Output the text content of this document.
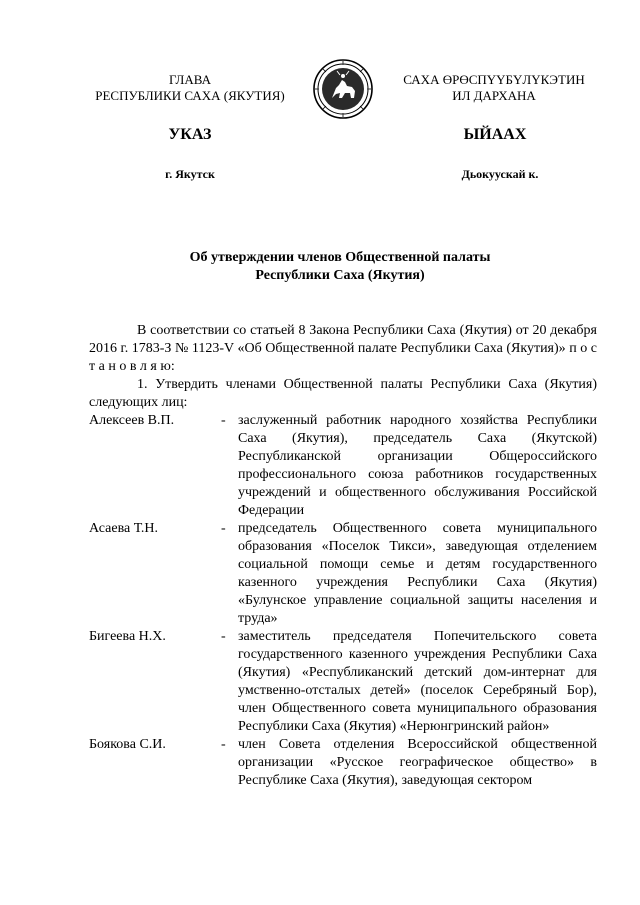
ГЛАВА
РЕСПУБЛИКИ САХА (ЯКУТИЯ)
САХА ӨРӨСПҮҮБҮЛҮКЭТИН
ИЛ ДАРХАНА
УКАЗ	ЫЙААХ
г. Якутск	Дьокуускай к.
Об утверждении членов Общественной палаты
Республики Саха (Якутия)

В соответствии со статьей 8 Закона Республики Саха (Якутия) от 20 декабря 2016 г. 1783-З № 1123-V «Об Общественной палате Республики Саха (Якутия)» п о с т а н о в л я ю:

1. Утвердить членами Общественной палаты Республики Саха (Якутия) следующих лиц:

Алексеев В.П.	- заслуженный работник народного хозяйства Республики Саха (Якутия), председатель Саха (Якутской) Республиканской организации Общероссийского профессионального союза работников государственных учреждений и общественного обслуживания Российской Федерации
Асаева Т.Н.	- председатель Общественного совета муниципального образования «Поселок Тикси», заведующая отделением социальной помощи семье и детям государственного казенного учреждения Республики Саха (Якутия) «Булунское управление социальной защиты населения и труда»
Бигеева Н.Х.	- заместитель председателя Попечительского совета государственного казенного учреждения Республики Саха (Якутия) «Республиканский детский дом-интернат для умственно-отсталых детей» (поселок Серебряный Бор), член Общественного совета муниципального образования Республики Саха (Якутия) «Нерюнгринский район»
Боякова С.И.	- член Совета отделения Всероссийской общественной организации «Русское географическое общество» в Республике Саха (Якутия), заведующая сектором
